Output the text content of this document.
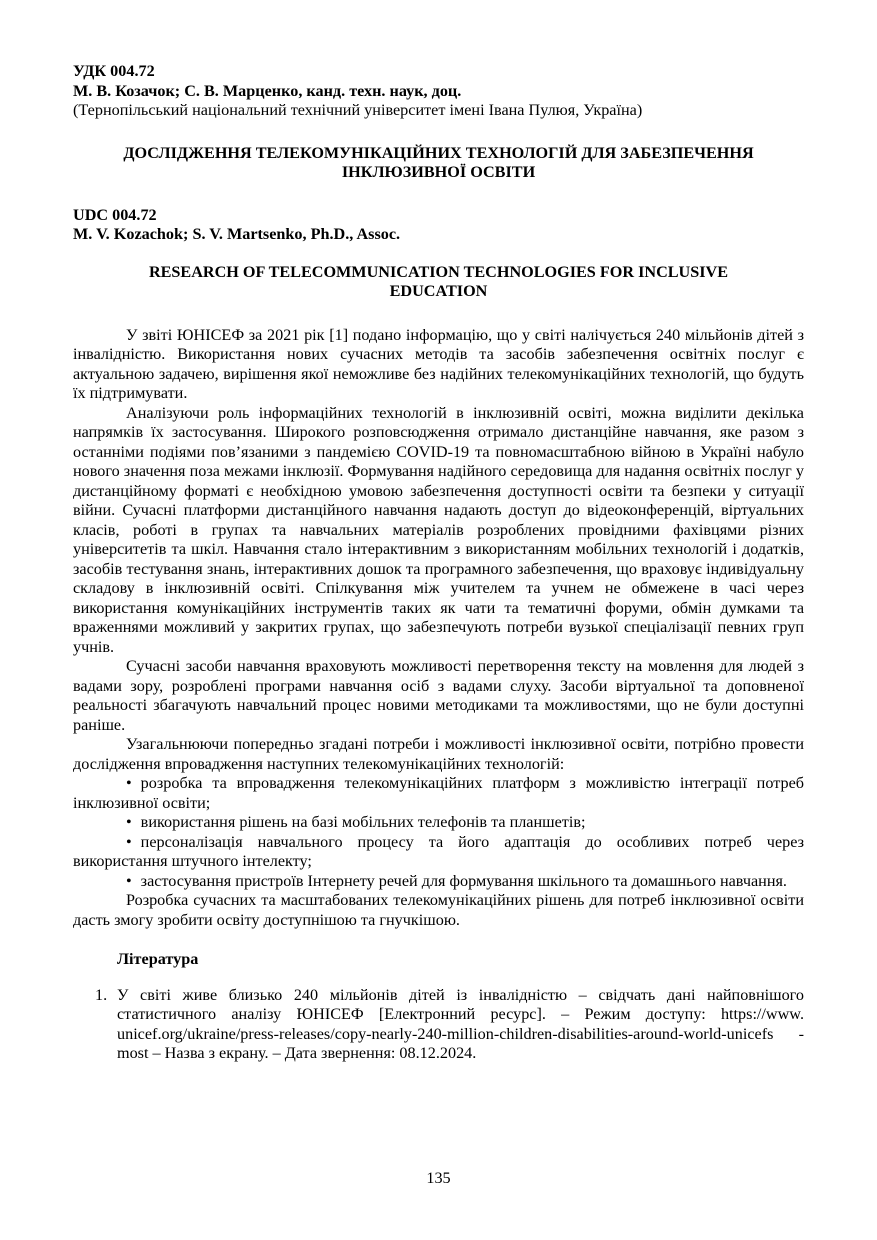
УДК 004.72

М. В. Козачок; С. В. Марценко, канд. техн. наук, доц.

(Тернопільський національний технічний університет імені Івана Пулюя, Україна)

ДОСЛІДЖЕННЯ ТЕЛЕКОМУНІКАЦІЙНИХ ТЕХНОЛОГІЙ ДЛЯ ЗАБЕЗПЕЧЕННЯ

ІНКЛЮЗИВНОЇ ОСВІТИ

UDC 004.72

M. V. Kozachok; S. V. Martsenko, Ph.D., Assoc.

RESEARCH OF TELECOMMUNICATION TECHNOLOGIES FOR INCLUSIVE

EDUCATION

У звіті ЮНІСЕФ за 2021 рік [1] подано інформацію, що у світі налічується 240 мільйонів дітей з інвалідністю. Використання нових сучасних методів та засобів забезпечення освітніх послуг є актуальною задачею, вирішення якої неможливе без надійних телекомунікаційних технологій, що будуть їх підтримувати.

Аналізуючи роль інформаційних технологій в інклюзивній освіті, можна виділити декілька напрямків їх застосування. Широкого розповсюдження отримало дистанційне навчання, яке разом з останніми подіями пов’язаними з пандемією COVID-19 та повномасштабною війною в Україні набуло нового значення поза межами інклюзії. Формування надійного середовища для надання освітніх послуг у дистанційному форматі є необхідною умовою забезпечення доступності освіти та безпеки у ситуації війни. Сучасні платформи дистанційного навчання надають доступ до відеоконференцій, віртуальних класів, роботі в групах та навчальних матеріалів розроблених провідними фахівцями різних університетів та шкіл. Навчання стало інтерактивним з використанням мобільних технологій і додатків, засобів тестування знань, інтерактивних дошок та програмного забезпечення, що враховує індивідуальну складову в інклюзивній освіті. Спілкування між учителем та учнем не обмежене в часі через використання комунікаційних інструментів таких як чати та тематичні форуми, обмін думками та враженнями можливий у закритих групах, що забезпечують потреби вузької спеціалізації певних груп учнів.

Сучасні засоби навчання враховують можливості перетворення тексту на мовлення для людей з вадами зору, розроблені програми навчання осіб з вадами слуху. Засоби віртуальної та доповненої реальності збагачують навчальний процес новими методиками та можливостями, що не були доступні раніше.

Узагальнюючи попередньо згадані потреби і можливості інклюзивної освіти, потрібно провести дослідження впровадження наступних телекомунікаційних технологій:

• розробка та впровадження телекомунікаційних платформ з можливістю інтеграції потреб інклюзивної освіти;
• використання рішень на базі мобільних телефонів та планшетів;
• персоналізація навчального процесу та його адаптація до особливих потреб через використання штучного інтелекту;
• застосування пристроїв Інтернету речей для формування шкільного та домашнього навчання.

Розробка сучасних та масштабованих телекомунікаційних рішень для потреб інклюзивної освіти дасть змогу зробити освіту доступнішою та гнучкішою.

Література

1. У світі живе близько 240 мільйонів дітей із інвалідністю – свідчать дані найповнішого статистичного аналізу ЮНІСЕФ [Електронний ресурс]. – Режим доступу: https://www. unicef.org/ukraine/press-releases/copy-nearly-240-million-children-disabilities-around-world-unicefs -most – Назва з екрану. – Дата звернення: 08.12.2024.
135
